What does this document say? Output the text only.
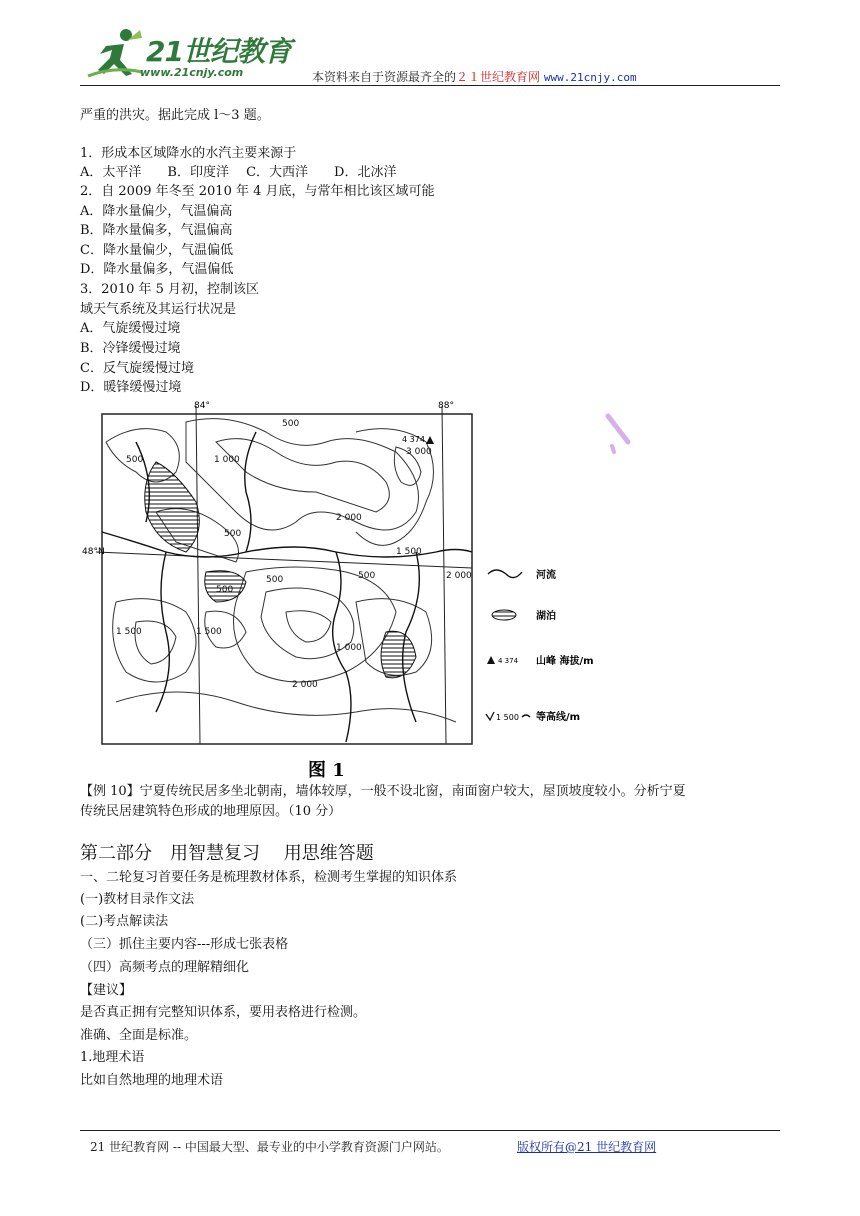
21世纪教育
www.21cnjy.com	本资料来自于资源最齐全的２１世纪教育网 www.21cnjy.com
严重的洪灾。据此完成 l～3 题。
1．形成本区域降水的水汽主要来源于
A．太平洋　　B．印度洋　 C．大西洋　　D．北冰洋
2．自 2009 年冬至 2010 年 4 月底，与常年相比该区域可能
A．降水量偏少，气温偏高
B．降水量偏多，气温偏高
C．降水量偏少，气温偏低
D．降水量偏多，气温偏低
3．2010 年 5 月初，控制该区
域天气系统及其运行状况是
A．气旋缓慢过境
B．冷锋缓慢过境
C．反气旋缓慢过境
D．暖锋缓慢过境
84°	88°
48°N
500	1 000
500
500
1 500
2 000
500
1 000
1 500
2 000
1 500
3 000
2 000
500
500
4 374
河流
湖泊
4 374 山峰 海拔/m
1 500 等高线/m
图 1
【例 10】宁夏传统民居多坐北朝南，墙体较厚，一般不设北窗，南面窗户较大，屋顶坡度较小。分析宁夏
传统民居建筑特色形成的地理原因。（10 分）
第二部分　用智慧复习　 用思维答题
一、二轮复习首要任务是梳理教材体系，检测考生掌握的知识体系
(一)教材目录作文法
(二)考点解读法
（三）抓住主要内容---形成七张表格
（四）高频考点的理解精细化
【建议】
是否真正拥有完整知识体系，要用表格进行检测。
准确、全面是标准。
1.地理术语
比如自然地理的地理术语
21 世纪教育网 -- 中国最大型、最专业的中小学教育资源门户网站。	版权所有@21 世纪教育网
